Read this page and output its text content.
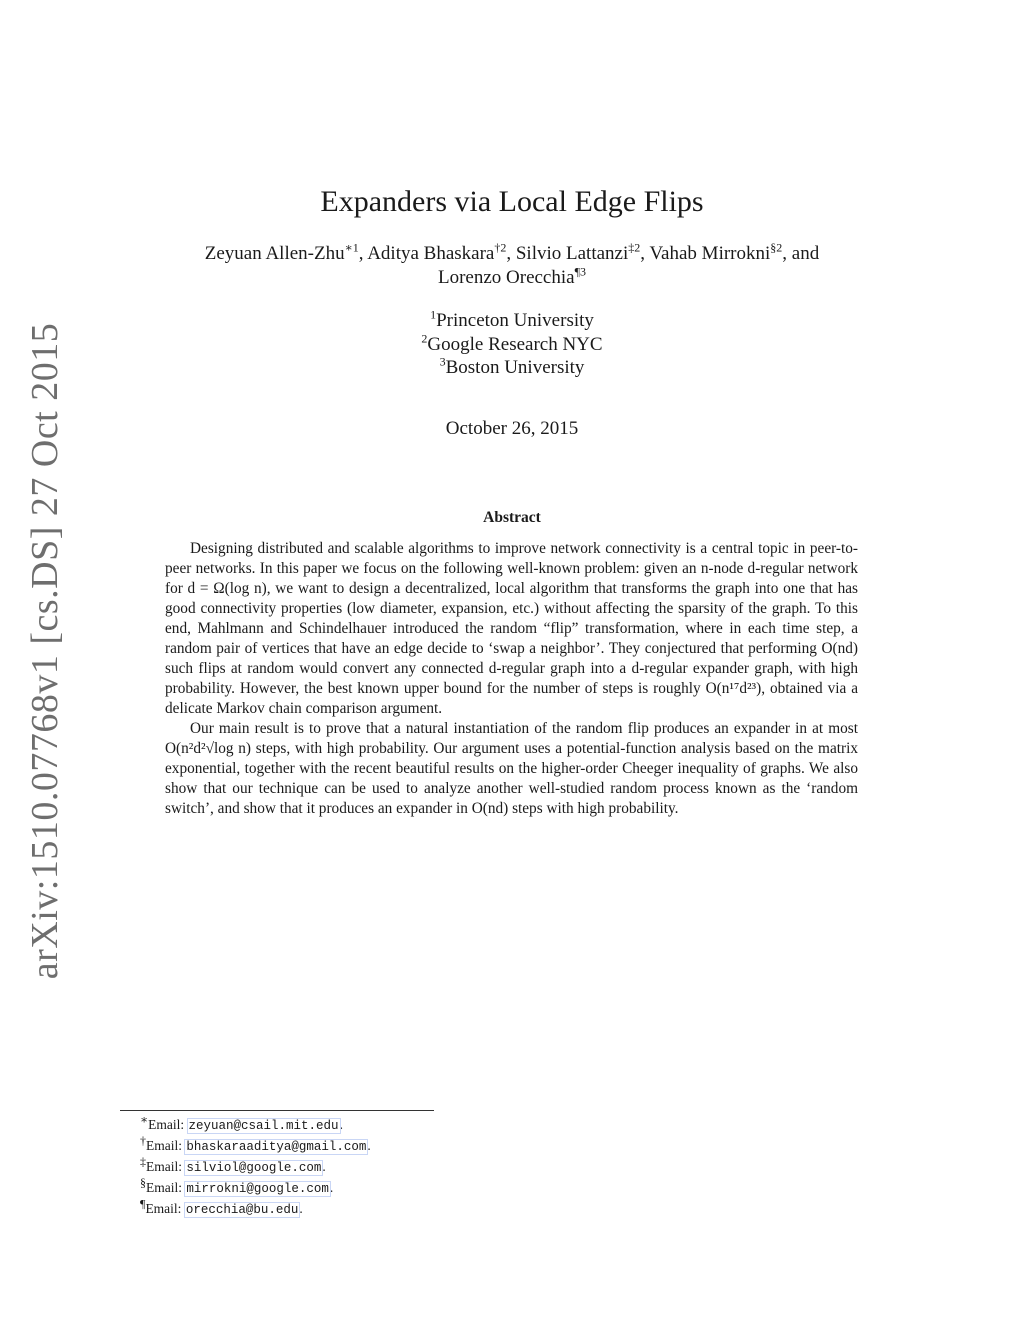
arXiv:1510.07768v1 [cs.DS] 27 Oct 2015
Expanders via Local Edge Flips
Zeyuan Allen-Zhu$^{∗1}$, Aditya Bhaskara$^{\dagger 2}$, Silvio Lattanzi$^{\ddagger 2}$, Vahab Mirrokni$^{\S 2}$, and
Lorenzo Orecchia$^{\P 3}$
$^1$Princeton University
$^2$Google Research NYC
$^3$Boston University
October 26, 2015
Abstract

Designing distributed and scalable algorithms to improve network connectivity is a central topic in peer-to-peer networks. In this paper we focus on the following well-known problem: given an n-node d-regular network for d = Ω(log n), we want to design a decentralized, local algorithm that transforms the graph into one that has good connectivity properties (low diameter, expansion, etc.) without affecting the sparsity of the graph. To this end, Mahlmann and Schindelhauer introduced the random “flip” transformation, where in each time step, a random pair of vertices that have an edge decide to ‘swap a neighbor’. They conjectured that performing O(nd) such flips at random would convert any connected d-regular graph into a d-regular expander graph, with high probability. However, the best known upper bound for the number of steps is roughly O(n¹⁷d²³), obtained via a delicate Markov chain comparison argument.

Our main result is to prove that a natural instantiation of the random flip produces an expander in at most O(n²d²√log n) steps, with high probability. Our argument uses a potential-function analysis based on the matrix exponential, together with the recent beautiful results on the higher-order Cheeger inequality of graphs. We also show that our technique can be used to analyze another well-studied random process known as the ‘random switch’, and show that it produces an expander in O(nd) steps with high probability.

∗Email: zeyuan@csail.mit.edu.
†Email: bhaskaraaditya@gmail.com.
‡Email: silviol@google.com.
§Email: mirrokni@google.com.
¶Email: orecchia@bu.edu.
